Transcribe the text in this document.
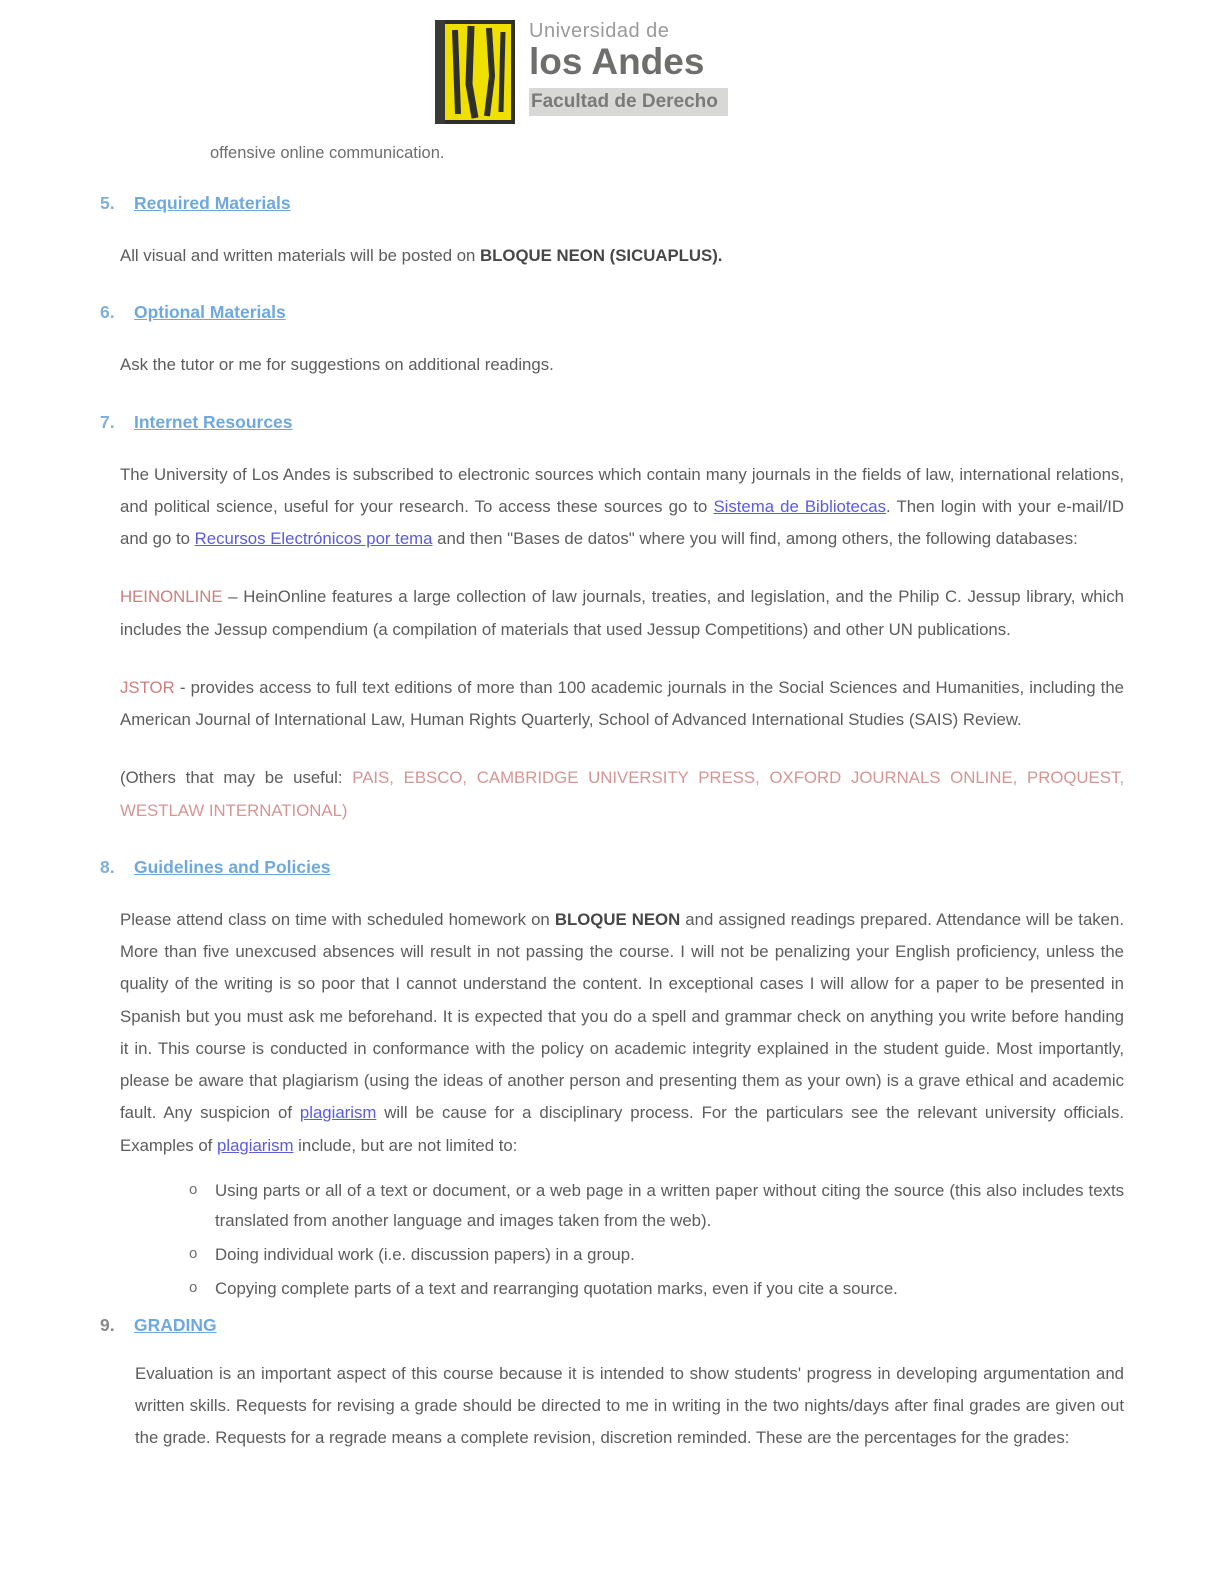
Universidad de
los Andes
Facultad de Derecho
offensive online communication.
5.	Required Materials

All visual and written materials will be posted on BLOQUE NEON (SICUAPLUS).

6.	Optional Materials

Ask the tutor or me for suggestions on additional readings.

7.	Internet Resources

The University of Los Andes is subscribed to electronic sources which contain many journals in the fields of law, international relations, and political science, useful for your research. To access these sources go to Sistema de Bibliotecas. Then login with your e-mail/ID and go to Recursos Electrónicos por tema and then "Bases de datos" where you will find, among others, the following databases:

HEINONLINE – HeinOnline features a large collection of law journals, treaties, and legislation, and the Philip C. Jessup library, which includes the Jessup compendium (a compilation of materials that used Jessup Competitions) and other UN publications.

JSTOR - provides access to full text editions of more than 100 academic journals in the Social Sciences and Humanities, including the American Journal of International Law, Human Rights Quarterly, School of Advanced International Studies (SAIS) Review.

(Others that may be useful: PAIS, EBSCO, CAMBRIDGE UNIVERSITY PRESS, OXFORD JOURNALS ONLINE, PROQUEST, WESTLAW INTERNATIONAL)

8.	Guidelines and Policies

Please attend class on time with scheduled homework on BLOQUE NEON and assigned readings prepared. Attendance will be taken. More than five unexcused absences will result in not passing the course. I will not be penalizing your English proficiency, unless the quality of the writing is so poor that I cannot understand the content. In exceptional cases I will allow for a paper to be presented in Spanish but you must ask me beforehand. It is expected that you do a spell and grammar check on anything you write before handing it in. This course is conducted in conformance with the policy on academic integrity explained in the student guide. Most importantly, please be aware that plagiarism (using the ideas of another person and presenting them as your own) is a grave ethical and academic fault. Any suspicion of plagiarism will be cause for a disciplinary process. For the particulars see the relevant university officials. Examples of plagiarism include, but are not limited to:

o Using parts or all of a text or document, or a web page in a written paper without citing the source (this also includes texts translated from another language and images taken from the web).
o Doing individual work (i.e. discussion papers) in a group.
o Copying complete parts of a text and rearranging quotation marks, even if you cite a source.
9.	GRADING

Evaluation is an important aspect of this course because it is intended to show students' progress in developing argumentation and written skills. Requests for revising a grade should be directed to me in writing in the two nights/days after final grades are given out the grade. Requests for a regrade means a complete revision, discretion reminded. These are the percentages for the grades:
